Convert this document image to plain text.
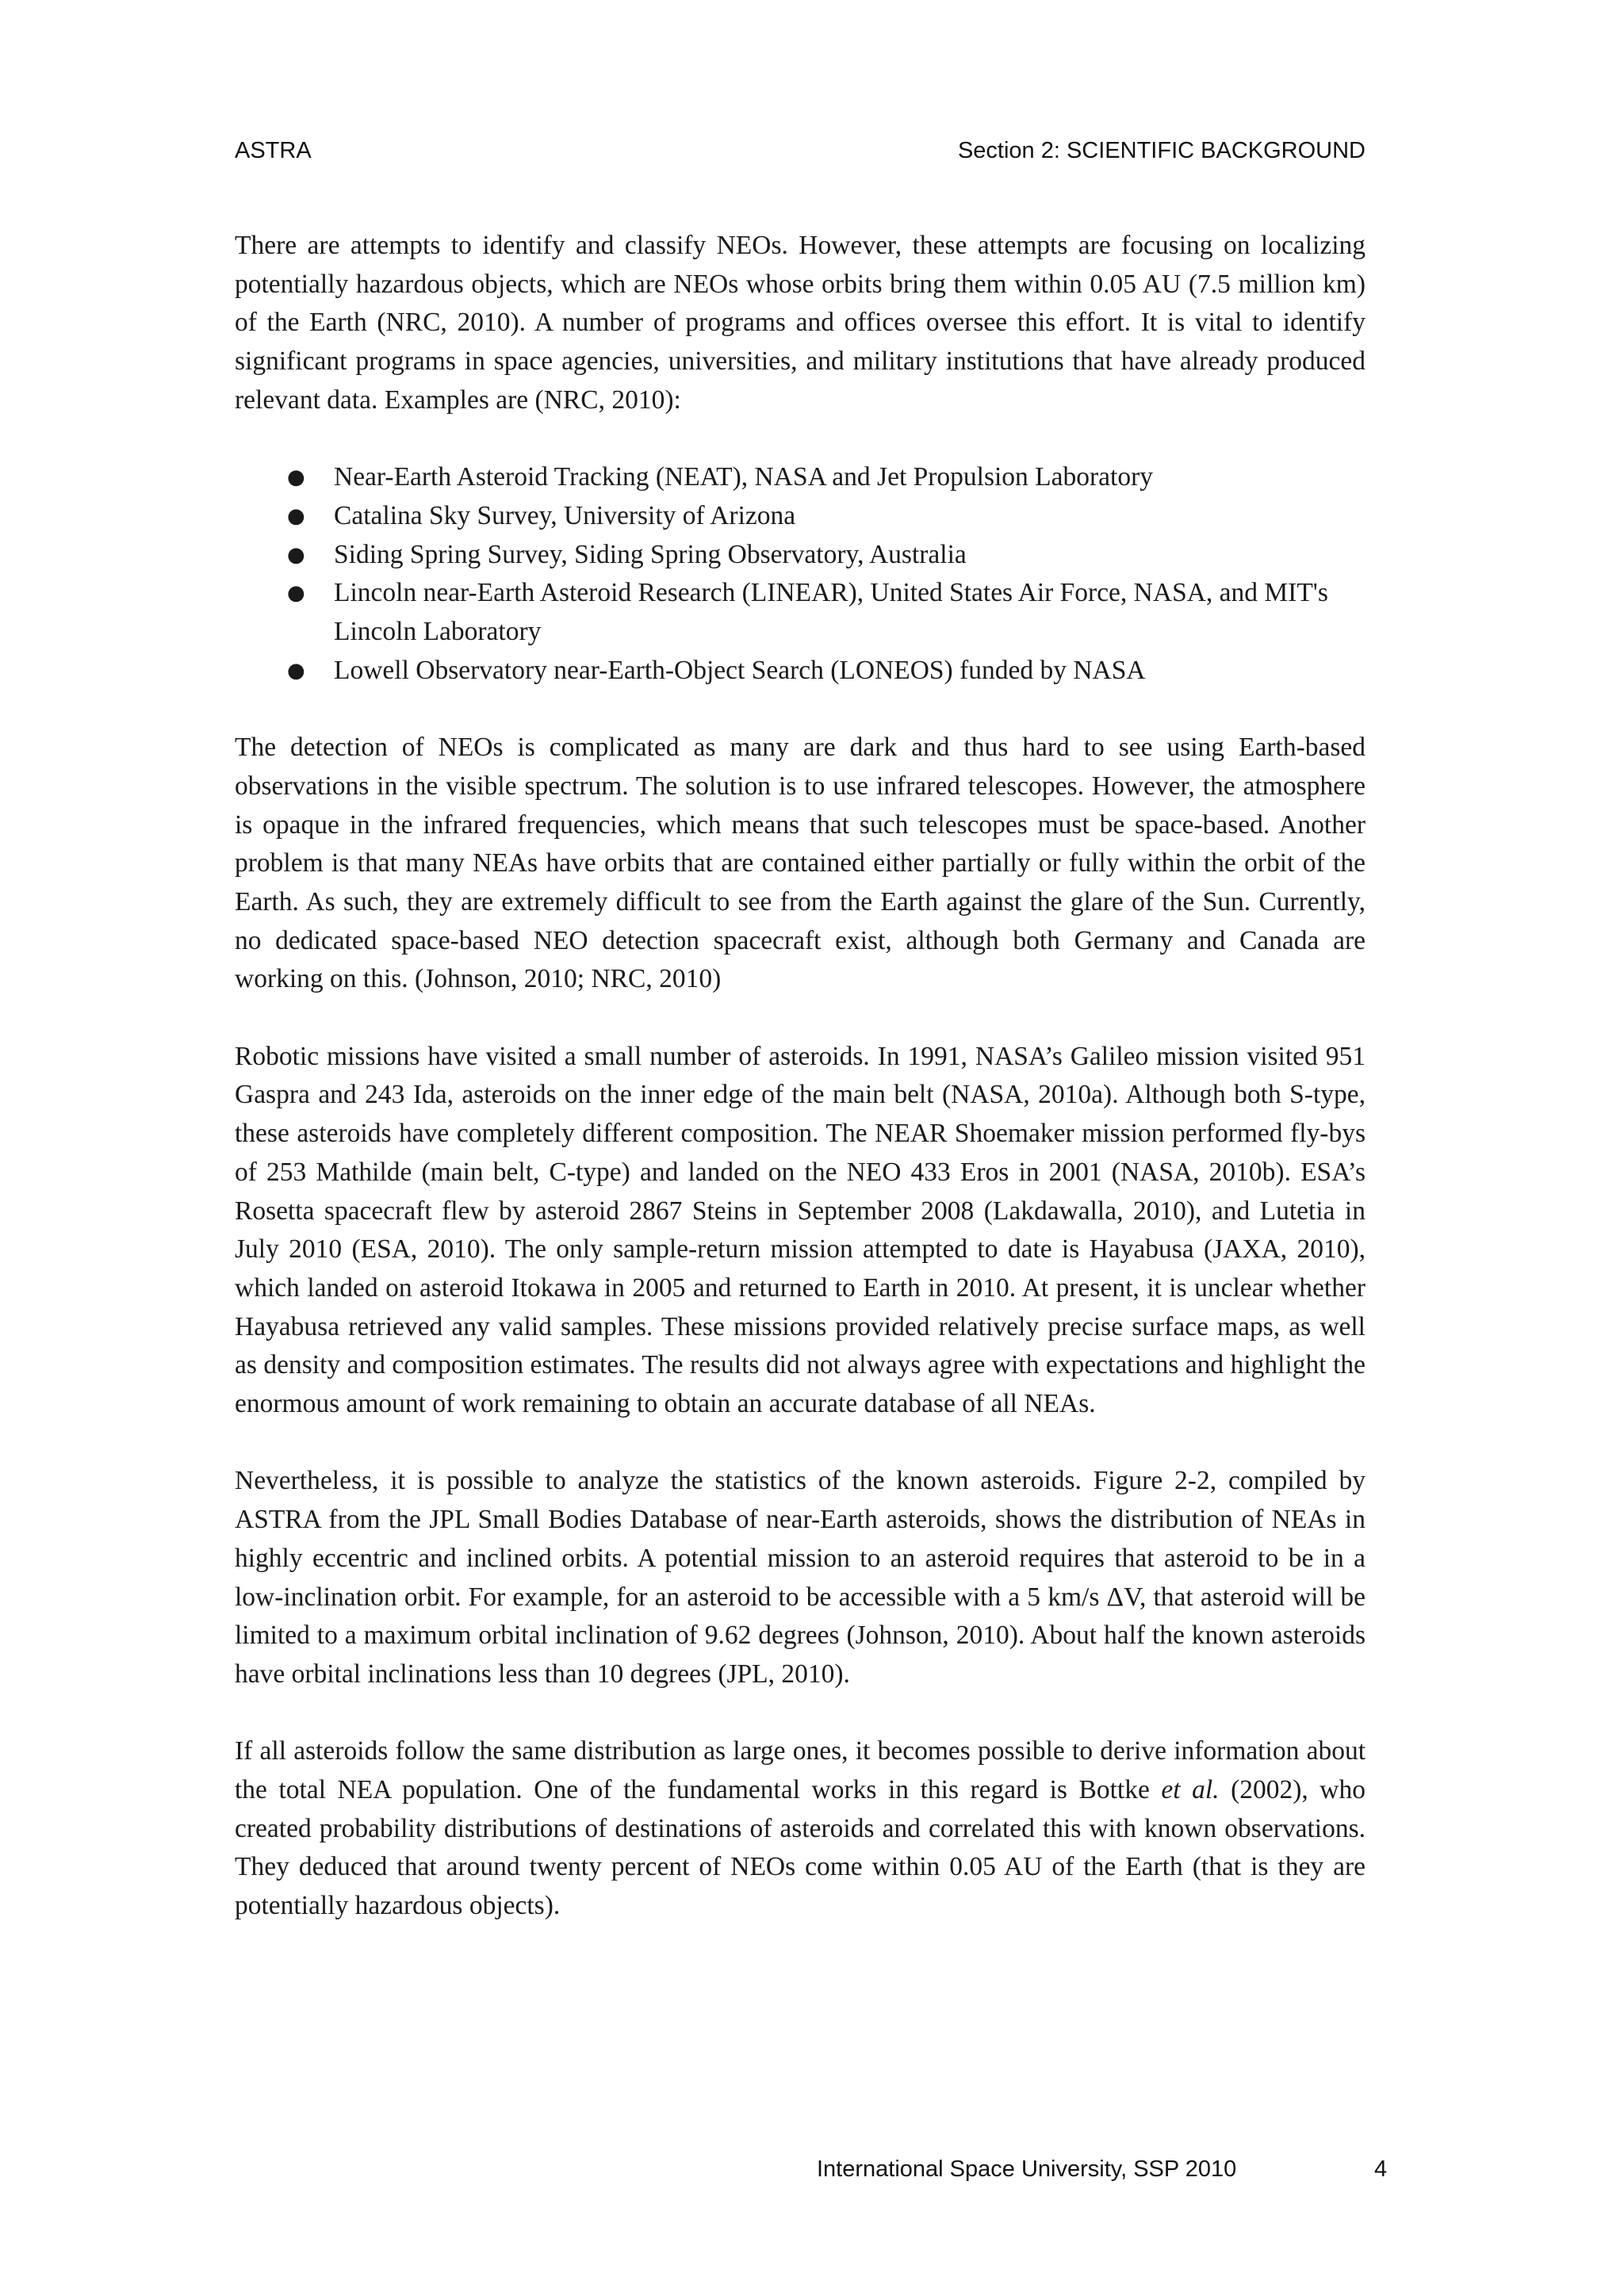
ASTRA	Section 2: SCIENTIFIC BACKGROUND

There are attempts to identify and classify NEOs. However, these attempts are focusing on localizing potentially hazardous objects, which are NEOs whose orbits bring them within 0.05 AU (7.5 million km) of the Earth (NRC, 2010). A number of programs and offices oversee this effort. It is vital to identify significant programs in space agencies, universities, and military institutions that have already produced relevant data. Examples are (NRC, 2010):

● Near-Earth Asteroid Tracking (NEAT), NASA and Jet Propulsion Laboratory
● Catalina Sky Survey, University of Arizona
● Siding Spring Survey, Siding Spring Observatory, Australia
● Lincoln near-Earth Asteroid Research (LINEAR), United States Air Force, NASA, and MIT's Lincoln Laboratory
● Lowell Observatory near-Earth-Object Search (LONEOS) funded by NASA

The detection of NEOs is complicated as many are dark and thus hard to see using Earth-based observations in the visible spectrum. The solution is to use infrared telescopes. However, the atmosphere is opaque in the infrared frequencies, which means that such telescopes must be space-based. Another problem is that many NEAs have orbits that are contained either partially or fully within the orbit of the Earth. As such, they are extremely difficult to see from the Earth against the glare of the Sun. Currently, no dedicated space-based NEO detection spacecraft exist, although both Germany and Canada are working on this. (Johnson, 2010; NRC, 2010)

Robotic missions have visited a small number of asteroids. In 1991, NASA’s Galileo mission visited 951 Gaspra and 243 Ida, asteroids on the inner edge of the main belt (NASA, 2010a). Although both S-type, these asteroids have completely different composition. The NEAR Shoemaker mission performed fly-bys of 253 Mathilde (main belt, C-type) and landed on the NEO 433 Eros in 2001 (NASA, 2010b). ESA’s Rosetta spacecraft flew by asteroid 2867 Steins in September 2008 (Lakdawalla, 2010), and Lutetia in July 2010 (ESA, 2010). The only sample-return mission attempted to date is Hayabusa (JAXA, 2010), which landed on asteroid Itokawa in 2005 and returned to Earth in 2010. At present, it is unclear whether Hayabusa retrieved any valid samples. These missions provided relatively precise surface maps, as well as density and composition estimates. The results did not always agree with expectations and highlight the enormous amount of work remaining to obtain an accurate database of all NEAs.

Nevertheless, it is possible to analyze the statistics of the known asteroids. Figure 2-2, compiled by ASTRA from the JPL Small Bodies Database of near-Earth asteroids, shows the distribution of NEAs in highly eccentric and inclined orbits. A potential mission to an asteroid requires that asteroid to be in a low-inclination orbit. For example, for an asteroid to be accessible with a 5 km/s ΔV, that asteroid will be limited to a maximum orbital inclination of 9.62 degrees (Johnson, 2010). About half the known asteroids have orbital inclinations less than 10 degrees (JPL, 2010).

If all asteroids follow the same distribution as large ones, it becomes possible to derive information about the total NEA population. One of the fundamental works in this regard is Bottke et al. (2002), who created probability distributions of destinations of asteroids and correlated this with known observations. They deduced that around twenty percent of NEOs come within 0.05 AU of the Earth (that is they are potentially hazardous objects).

International Space University, SSP 2010	4
